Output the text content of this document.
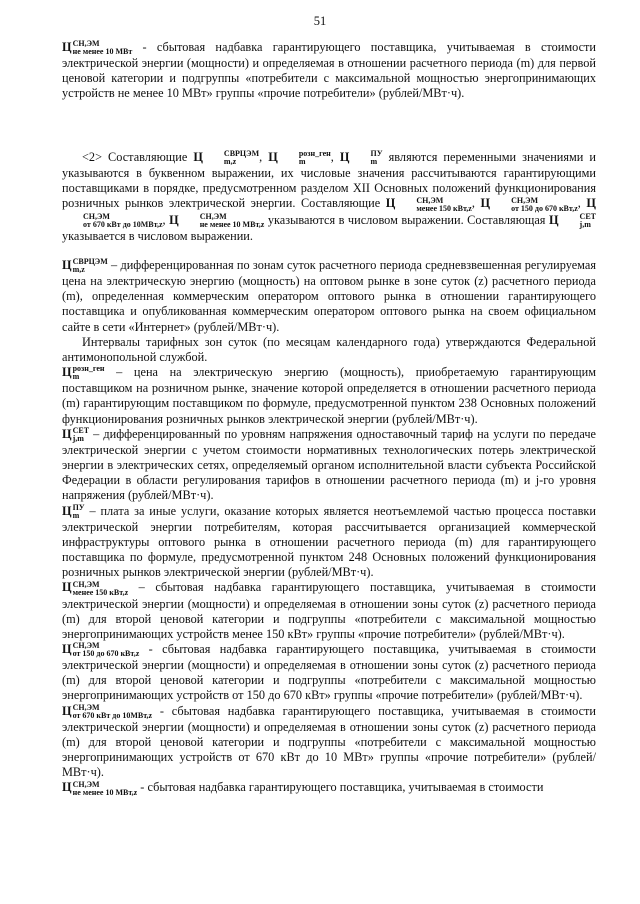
51

Ц СН,ЭМ
не менее 10 МВт - сбытовая надбавка гарантирующего поставщика, учитываемая в стоимости электрической энергии (мощности) и определяемая в отношении расчетного периода (m) для первой ценовой категории и подгруппы «потребители с максимальной мощностью энергопринимающих устройств не менее 10 МВт» группы «прочие потребители» (рублей/МВт·ч).

<2> Составляющие Ц	СВРЦЭМ
m,z	, Ц	розн_ген
m	, Ц	ПУ
m являются переменными значениями и указываются в буквенном выражении, их числовые значения рассчитываются гарантирующими поставщиками в порядке, предусмотренном разделом XII Основных положений функционирования розничных рынков электрической энергии. Составляющие Ц	СН,ЭМ
менее 150 кВт,z , Ц	СН,ЭМ
от 150 до 670 кВт,z , Ц
СН,ЭМ
от 670 кВт до 10МВт,z , Ц	СН,ЭМ
не менее 10 МВт,z указываются в числовом выражении. Составляющая Ц	СЕТ
j,m
указывается в числовом выражении.

Ц СВРЦЭМ
m,z	– дифференцированная по зонам суток расчетного периода средневзвешенная регулируемая цена на электрическую энергию (мощность) на оптовом рынке в зоне суток (z) расчетного периода (m), определенная коммерческим оператором оптового рынка в отношении гарантирующего поставщика и опубликованная коммерческим оператором оптового рынка на своем официальном сайте в сети «Интернет» (рублей/МВт·ч).

Интервалы тарифных зон суток (по месяцам календарного года) утверждаются Федеральной антимонопольной службой.

Ц розн_ген
m	– цена на электрическую энергию (мощность), приобретаемую гарантирующим поставщиком на розничном рынке, значение которой определяется в отношении расчетного периода (m) гарантирующим поставщиком по формуле, предусмотренной пунктом 238 Основных положений функционирования розничных рынков электрической энергии (рублей/МВт·ч).

Ц СЕТ
j,m – дифференцированный по уровням напряжения одноставочный тариф на услуги по передаче электрической энергии с учетом стоимости нормативных технологических потерь электрической энергии в электрических сетях, определяемый органом исполнительной власти субъекта Российской Федерации в области регулирования тарифов в отношении расчетного периода (m) и j-го уровня напряжения (рублей/МВт·ч).

Ц ПУ
m – плата за иные услуги, оказание которых является неотъемлемой частью процесса поставки электрической энергии потребителям, которая рассчитывается организацией коммерческой инфраструктуры оптового рынка в отношении расчетного периода (m) для гарантирующего поставщика по формуле, предусмотренной пунктом 248 Основных положений функционирования розничных рынков электрической энергии (рублей/МВт·ч).

Ц СН,ЭМ
менее 150 кВт,z – сбытовая надбавка гарантирующего поставщика, учитываемая в стоимости электрической энергии (мощности) и определяемая в отношении зоны суток (z) расчетного периода (m) для второй ценовой категории и подгруппы «потребители с максимальной мощностью энергопринимающих устройств менее 150 кВт» группы «прочие потребители» (рублей/МВт·ч).

Ц СН,ЭМ
от 150 до 670 кВт,z - сбытовая надбавка гарантирующего поставщика, учитываемая в стоимости электрической энергии (мощности) и определяемая в отношении зоны суток (z) расчетного периода (m) для второй ценовой категории и подгруппы «потребители с максимальной мощностью энергопринимающих устройств от 150 до 670 кВт» группы «прочие потребители» (рублей/МВт·ч).

Ц СН,ЭМ
от 670 кВт до 10МВт,z - сбытовая надбавка гарантирующего поставщика, учитываемая в стоимости электрической энергии (мощности) и определяемая в отношении зоны суток (z) расчетного периода (m) для второй ценовой категории и подгруппы «потребители с максимальной мощностью энергопринимающих устройств от 670 кВт до 10 МВт» группы «прочие потребители» (рублей/МВт·ч).

Ц СН,ЭМ
не менее 10 МВт,z - сбытовая надбавка гарантирующего поставщика, учитываемая в стоимости
